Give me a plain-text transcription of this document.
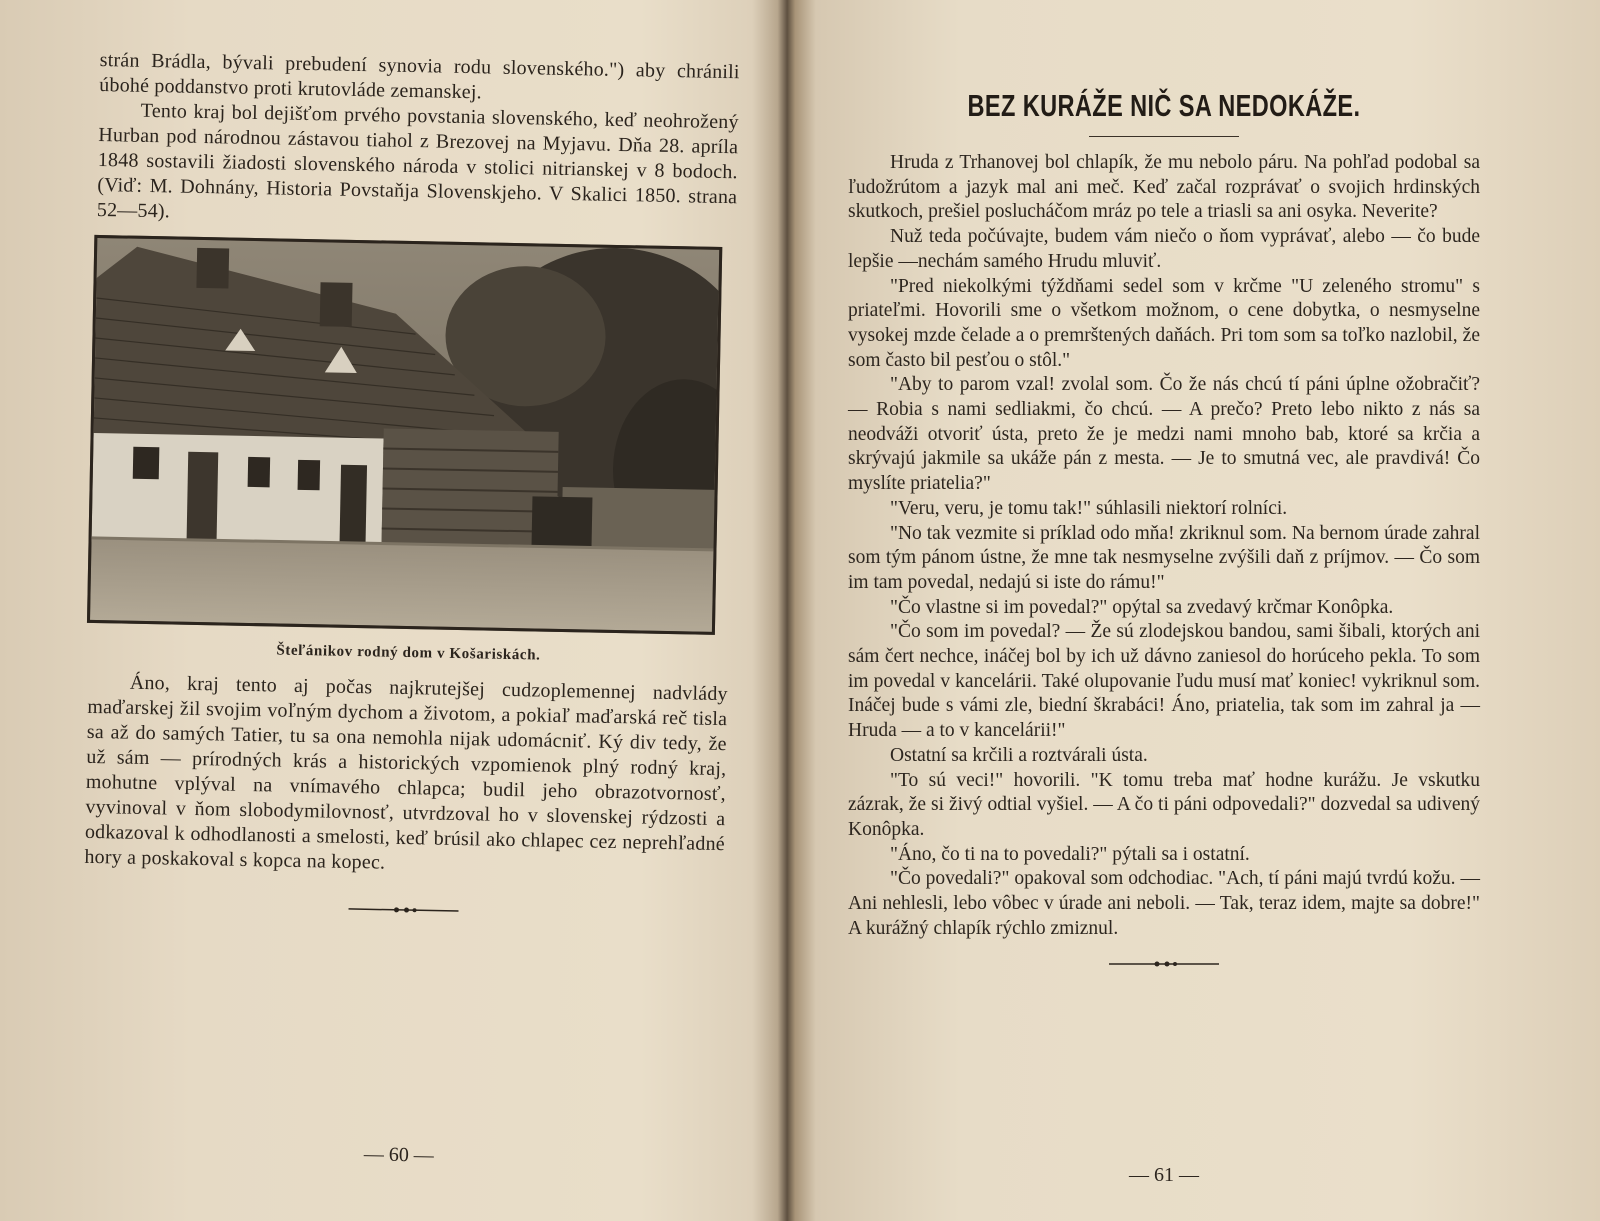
strán Brádla, bývali prebudení synovia rodu slovenského.") aby chránili úbohé poddanstvo proti krutovláde zemanskej.

Tento kraj bol dejišťom prvého povstania slovenského, keď neohrožený Hurban pod národnou zástavou tiahol z Brezovej na Myjavu. Dňa 28. apríla 1848 sostavili žiadosti slovenského národa v stolici nitrianskej v 8 bodoch. (Viď: M. Dohnány, Historia Povstaňja Slovenskjeho. V Skalici 1850. strana 52—54).

Šteľánikov rodný dom v Košariskách.

Áno, kraj tento aj počas najkrutejšej cudzoplemennej nadvlády maďarskej žil svojim voľným dychom a životom, a pokiaľ maďarská reč tisla sa až do samých Tatier, tu sa ona nemohla nijak udomácniť. Ký div tedy, že už sám — prírodných krás a historických vzpomienok plný rodný kraj, mohutne vplýval na vnímavého chlapca; budil jeho obrazotvornosť, vyvinoval v ňom slobodymilovnosť, utvrdzoval ho v slovenskej rýdzosti a odkazoval k odhodlanosti a smelosti, keď brúsil ako chlapec cez neprehľadné hory a poskakoval s kopca na kopec.

— 60 —
BEZ KURÁŽE NIČ SA NEDOKÁŽE.

Hruda z Trhanovej bol chlapík, že mu nebolo páru. Na pohľad podobal sa ľudožrútom a jazyk mal ani meč. Keď začal rozprávať o svojich hrdinských skutkoch, prešiel poslucháčom mráz po tele a triasli sa ani osyka. Neverite?

Nuž teda počúvajte, budem vám niečo o ňom vyprávať, alebo — čo bude lepšie —nechám samého Hrudu mluviť.

"Pred niekolkými týždňami sedel som v krčme "U zeleného stromu" s priateľmi. Hovorili sme o všetkom možnom, o cene dobytka, o nesmyselne vysokej mzde čelade a o premrštených daňách. Pri tom som sa toľko nazlobil, že som často bil pesťou o stôl."

"Aby to parom vzal! zvolal som. Čo že nás chcú tí páni úplne ožobračiť? — Robia s nami sedliakmi, čo chcú. — A prečo? Preto lebo nikto z nás sa neodváži otvoriť ústa, preto že je medzi nami mnoho bab, ktoré sa krčia a skrývajú jakmile sa ukáže pán z mesta. — Je to smutná vec, ale pravdivá! Čo myslíte priatelia?"

"Veru, veru, je tomu tak!" súhlasili niektorí rolníci.

"No tak vezmite si príklad odo mňa! zkriknul som. Na bernom úrade zahral som tým pánom ústne, že mne tak nesmyselne zvýšili daň z príjmov. — Čo som im tam povedal, nedajú si iste do rámu!"

"Čo vlastne si im povedal?" opýtal sa zvedavý krčmar Konôpka.

"Čo som im povedal? — Že sú zlodejskou bandou, sami šibali, ktorých ani sám čert nechce, ináčej bol by ich už dávno zaniesol do horúceho pekla. To som im povedal v kancelárii. Také olupovanie ľudu musí mať koniec! vykriknul som. Ináčej bude s vámi zle, biední škrabáci! Áno, priatelia, tak som im zahral ja — Hruda — a to v kancelárii!"

Ostatní sa krčili a roztvárali ústa.

"To sú veci!" hovorili. "K tomu treba mať hodne kurážu. Je vskutku zázrak, že si živý odtial vyšiel. — A čo ti páni odpovedali?" dozvedal sa udivený Konôpka.

"Áno, čo ti na to povedali?" pýtali sa i ostatní.

"Čo povedali?" opakoval som odchodiac. "Ach, tí páni majú tvrdú kožu. — Ani nehlesli, lebo vôbec v úrade ani neboli. — Tak, teraz idem, majte sa dobre!" A kurážný chlapík rýchlo zmiznul.

— 61 —
